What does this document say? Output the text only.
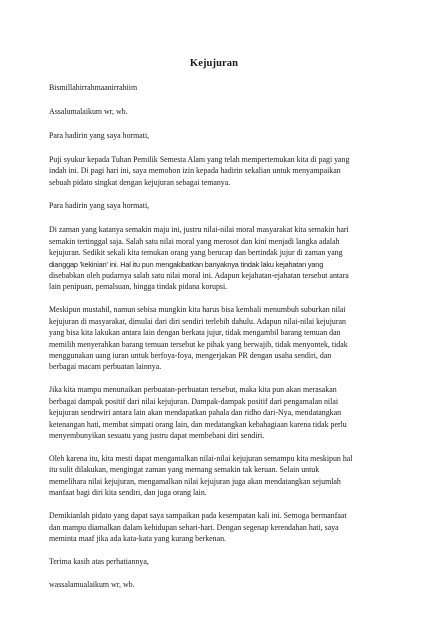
Kejujuran
Bismillahirrahmaanirrahiim
Assalumalaikum wr, wb.
Para hadirin yang saya hormati,
Puji syukur kepada Tuhan Pemilik Semesta Alam yang telah mempertemukan kita di pagi yang
indah ini. Di pagi hari ini, saya memohon izin kepada hadirin sekalian untuk menyampaikan
sebuah pidato singkat dengan kejujuran sebagai temanya.
Para hadirin yang saya hormati,
Di zaman yang katanya semakin maju ini, justru nilai-nilai moral masyarakat kita semakin hari
semakin tertinggal saja. Salah satu nilai moral yang merosot dan kini menjadi langka adalah
kejujuran. Sedikit sekali kita temukan orang yang berucap dan bertindak jujur di zaman yang
dianggap 'kekinian' ini. Hal itu pun mengakibatkan banyaknya tindak laku kejahatan yang
disebabkan oleh pudarnya salah satu nilai moral ini. Adapun kejahatan-ejahatan tersebut antara
lain penipuan, pemalsuan, hingga tindak pidana korupsi.
Meskipun mustahil, namun sebisa mungkin kita harus bisa kembali menumbuh suburkan nilai
kejujuran di masyarakat, dimulai dari diri sendiri terlebih dahulu. Adapun nilai-nilai kejujuran
yang bisa kita lakukan antara lain dengan berkata jujur, tidak mengambil barang temuan dan
memilih menyerahkan barang temuan tersebut ke pihak yang berwajib, tidak menyontek, tidak
menggunakan uang iuran untuk berfoya-foya, mengerjakan PR dengan usaha sendiri, dan
berbagai macam perbuatan lainnya.
Jika kita mampu menunaikan perbuatan-perbuatan tersebut, maka kita pun akan merasakan
berbagai dampak positif dari nilai kejujuran. Dampak-dampak positif dari pengamalan nilai
kejujuran sendrwiri antara lain akan mendapatkan pahala dan ridho dari-Nya, mendatangkan
ketenangan hati, membat simpati orang lain, dan medatangkan kebahagiaan karena tidak perlu
menyembunyikan sesuatu yang justru dapat membebani diri sendiri.
Oleh karena itu, kita mesti dapat mengamalkan nilai-nilai kejujuran semampu kita meskipun hal
itu sulit dilakukan, mengingat zaman yang memang semakin tak keruan. Selain untuk
memelihara nilai kejujuran, mengamalkan nilai kejujuran juga akan mendatangkan sejumlah
manfaat bagi diri kita sendiri, dan juga orang lain.
Demikianlah pidato yang dapat saya sampaikan pada kesempatan kali ini. Semoga bermanfaat
dan mampu diamalkan dalam kehidupan sehari-hari. Dengan segenap kerendahan hati, saya
meminta maaf jika ada kata-kata yang kurang berkenan.
Terima kasih atas perhatiannya,
wassalamualaikum wr, wb.
